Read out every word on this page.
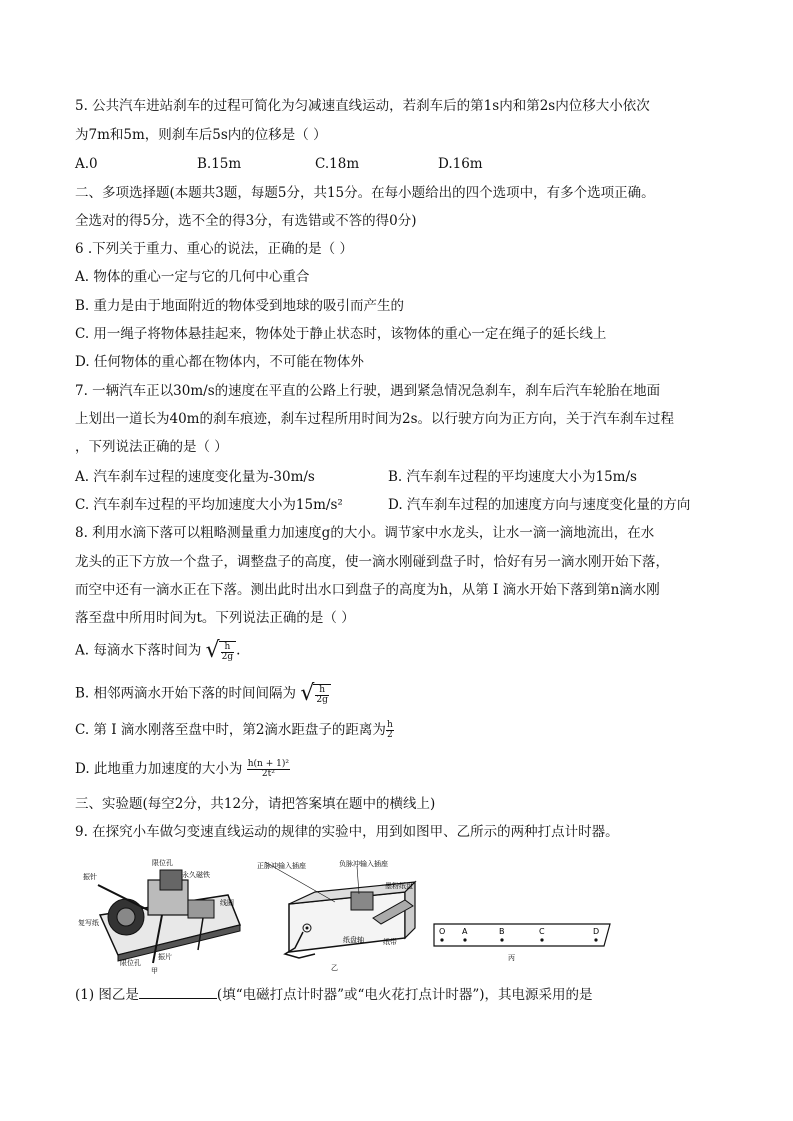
5. 公共汽车进站刹车的过程可简化为匀减速直线运动，若刹车后的第1s内和第2s内位移大小依次
为7m和5m，则刹车后5s内的位移是（ ）
A.0	B.15m	C.18m	D.16m
二、多项选择题(本题共3题，每题5分，共15分。在每小题给出的四个选项中，有多个选项正确。
全选对的得5分，选不全的得3分，有选错或不答的得0分)
6 .下列关于重力、重心的说法，正确的是（ ）
A. 物体的重心一定与它的几何中心重合
B. 重力是由于地面附近的物体受到地球的吸引而产生的
C. 用一绳子将物体悬挂起来，物体处于静止状态时，该物体的重心一定在绳子的延长线上
D. 任何物体的重心都在物体内，不可能在物体外
7. 一辆汽车正以30m/s的速度在平直的公路上行驶，遇到紧急情况急刹车，刹车后汽车轮胎在地面
上划出一道长为40m的刹车痕迹，刹车过程所用时间为2s。以行驶方向为正方向，关于汽车刹车过程
，下列说法正确的是（ ）
A. 汽车刹车过程的速度变化量为-30m/s	B. 汽车刹车过程的平均速度大小为15m/s
C. 汽车刹车过程的平均加速度大小为15m/s²	D. 汽车刹车过程的加速度方向与速度变化量的方向
8. 利用水滴下落可以粗略测量重力加速度g的大小。调节家中水龙头，让水一滴一滴地流出，在水
龙头的正下方放一个盘子，调整盘子的高度，使一滴水刚碰到盘子时，恰好有另一滴水刚开始下落，
而空中还有一滴水正在下落。测出此时出水口到盘子的高度为h，从第 I 滴水开始下落到第n滴水刚
落至盘中所用时间为t。下列说法正确的是（ ）
A. 每滴水下落时间为 √ $\frac{h}{2g}$ .
B. 相邻两滴水开始下落的时间间隔为 √ $\frac{h}{2g}$
C. 第 I 滴水刚落至盘中时，第2滴水距盘子的距离为 $\frac{h}{2}$
D. 此地重力加速度的大小为 $\frac{\text{h(n + 1)²}}{\text{2t²}}$
三、实验题(每空2分，共12分，请把答案填在题中的横线上)
9. 在探究小车做匀变速直线运动的规律的实验中，用到如图甲、乙所示的两种打点计时器。
限位孔
永久磁铁
振针
线圈
复写纸
限位孔
振片
甲
正脉冲输入插座	负脉冲输入插座
墨粉纸盘
纸盘轴	纸带
乙
O A	B	C	D
丙
(1) 图乙是	(填“电磁打点计时器”或“电火花打点计时器”)，其电源采用的是
